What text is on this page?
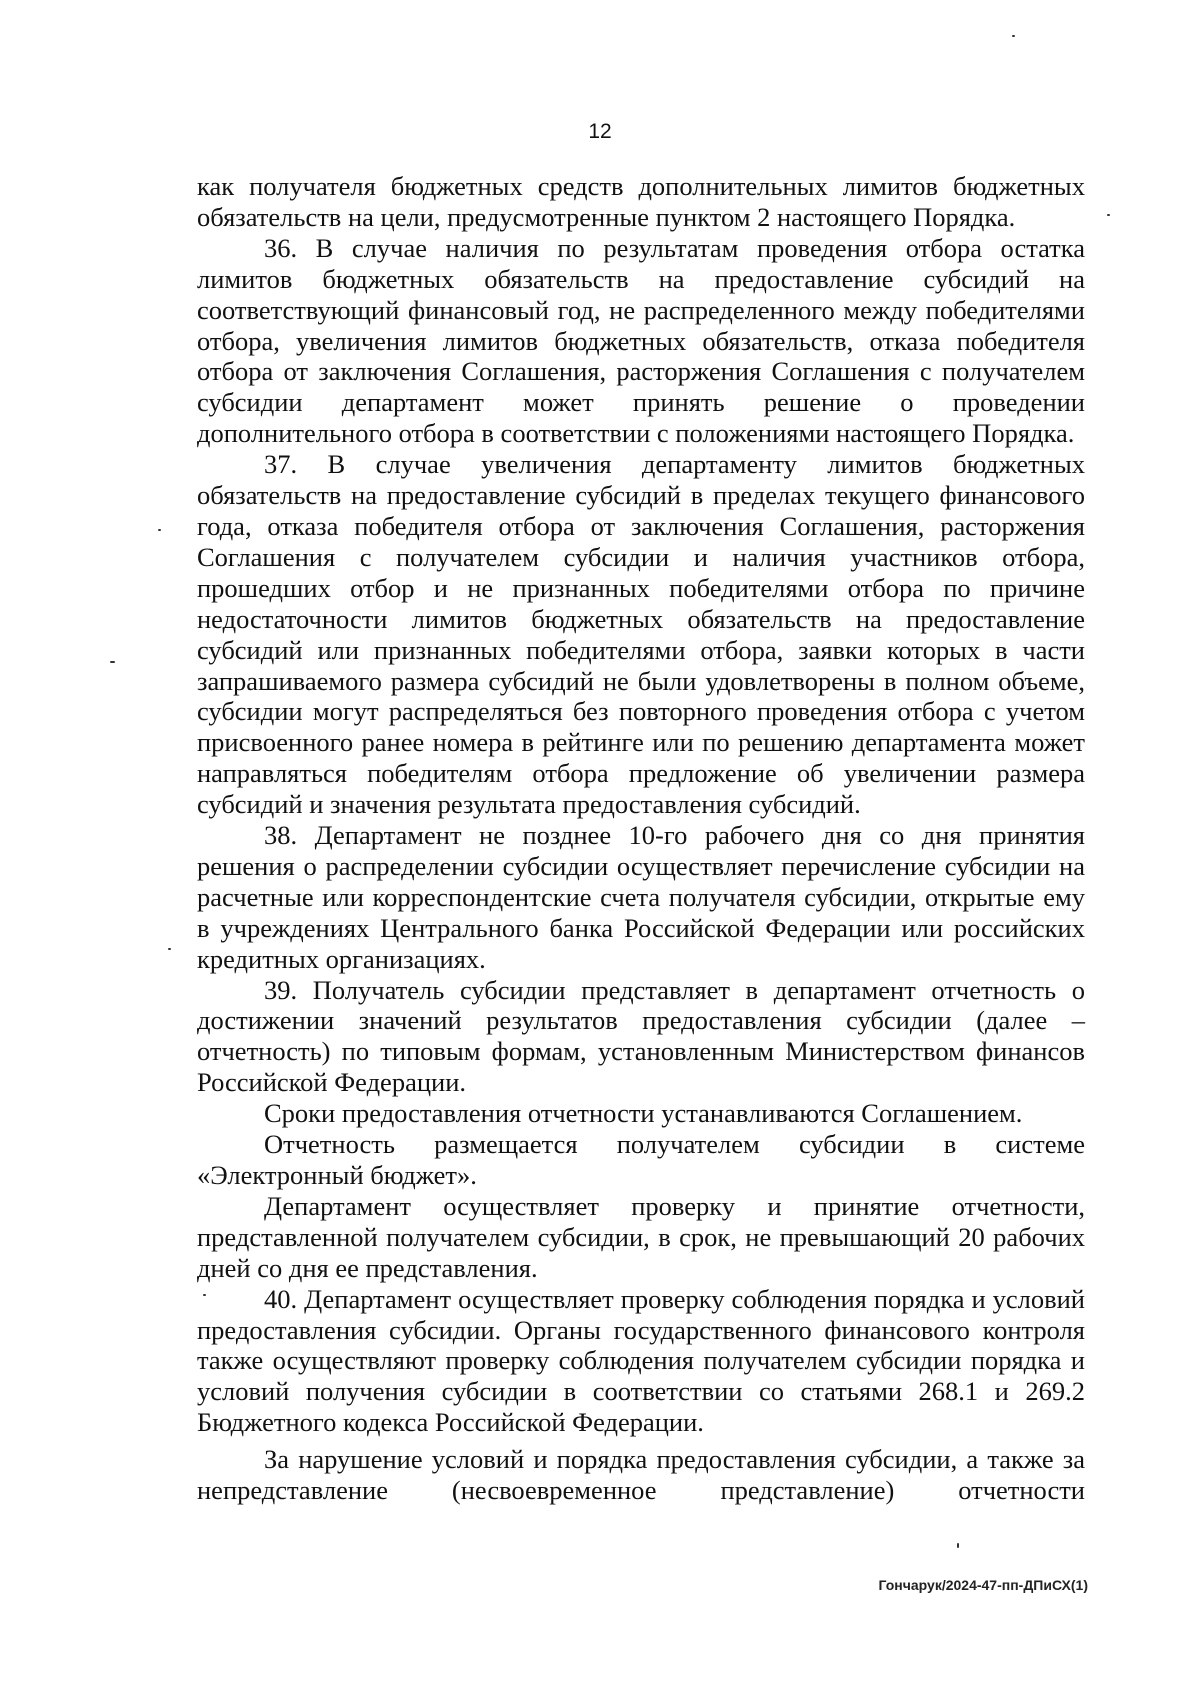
12

как получателя бюджетных средств дополнительных лимитов бюджетных обязательств на цели, предусмотренные пунктом 2 настоящего Порядка.

36. В случае наличия по результатам проведения отбора остатка лимитов бюджетных обязательств на предоставление субсидий на соответствующий финансовый год, не распределенного между победителями отбора, увеличения лимитов бюджетных обязательств, отказа победителя отбора от заключения Соглашения, расторжения Соглашения с получателем субсидии департамент может принять решение о проведении дополнительного отбора в соответствии с положениями настоящего Порядка.

37. В случае увеличения департаменту лимитов бюджетных обязательств на предоставление субсидий в пределах текущего финансового года, отказа победителя отбора от заключения Соглашения, расторжения Соглашения с получателем субсидии и наличия участников отбора, прошедших отбор и не признанных победителями отбора по причине недостаточности лимитов бюджетных обязательств на предоставление субсидий или признанных победителями отбора, заявки которых в части запрашиваемого размера субсидий не были удовлетворены в полном объеме, субсидии могут распределяться без повторного проведения отбора с учетом присвоенного ранее номера в рейтинге или по решению департамента может направляться победителям отбора предложение об увеличении размера субсидий и значения результата предоставления субсидий.

38. Департамент не позднее 10-го рабочего дня со дня принятия решения о распределении субсидии осуществляет перечисление субсидии на расчетные или корреспондентские счета получателя субсидии, открытые ему в учреждениях Центрального банка Российской Федерации или российских кредитных организациях.

39. Получатель субсидии представляет в департамент отчетность о достижении значений результатов предоставления субсидии (далее – отчетность) по типовым формам, установленным Министерством финансов Российской Федерации.

Сроки предоставления отчетности устанавливаются Соглашением.

Отчетность размещается получателем субсидии в системе «Электронный бюджет».

Департамент осуществляет проверку и принятие отчетности, представленной получателем субсидии, в срок, не превышающий 20 рабочих дней со дня ее представления.

40. Департамент осуществляет проверку соблюдения порядка и условий предоставления субсидии. Органы государственного финансового контроля также осуществляют проверку соблюдения получателем субсидии порядка и условий получения субсидии в соответствии со статьями 268.1 и 269.2 Бюджетного кодекса Российской Федерации.

За нарушение условий и порядка предоставления субсидии, а также за непредставление (несвоевременное представление) отчетности

Гончарук/2024-47-пп-ДПиСХ(1)
